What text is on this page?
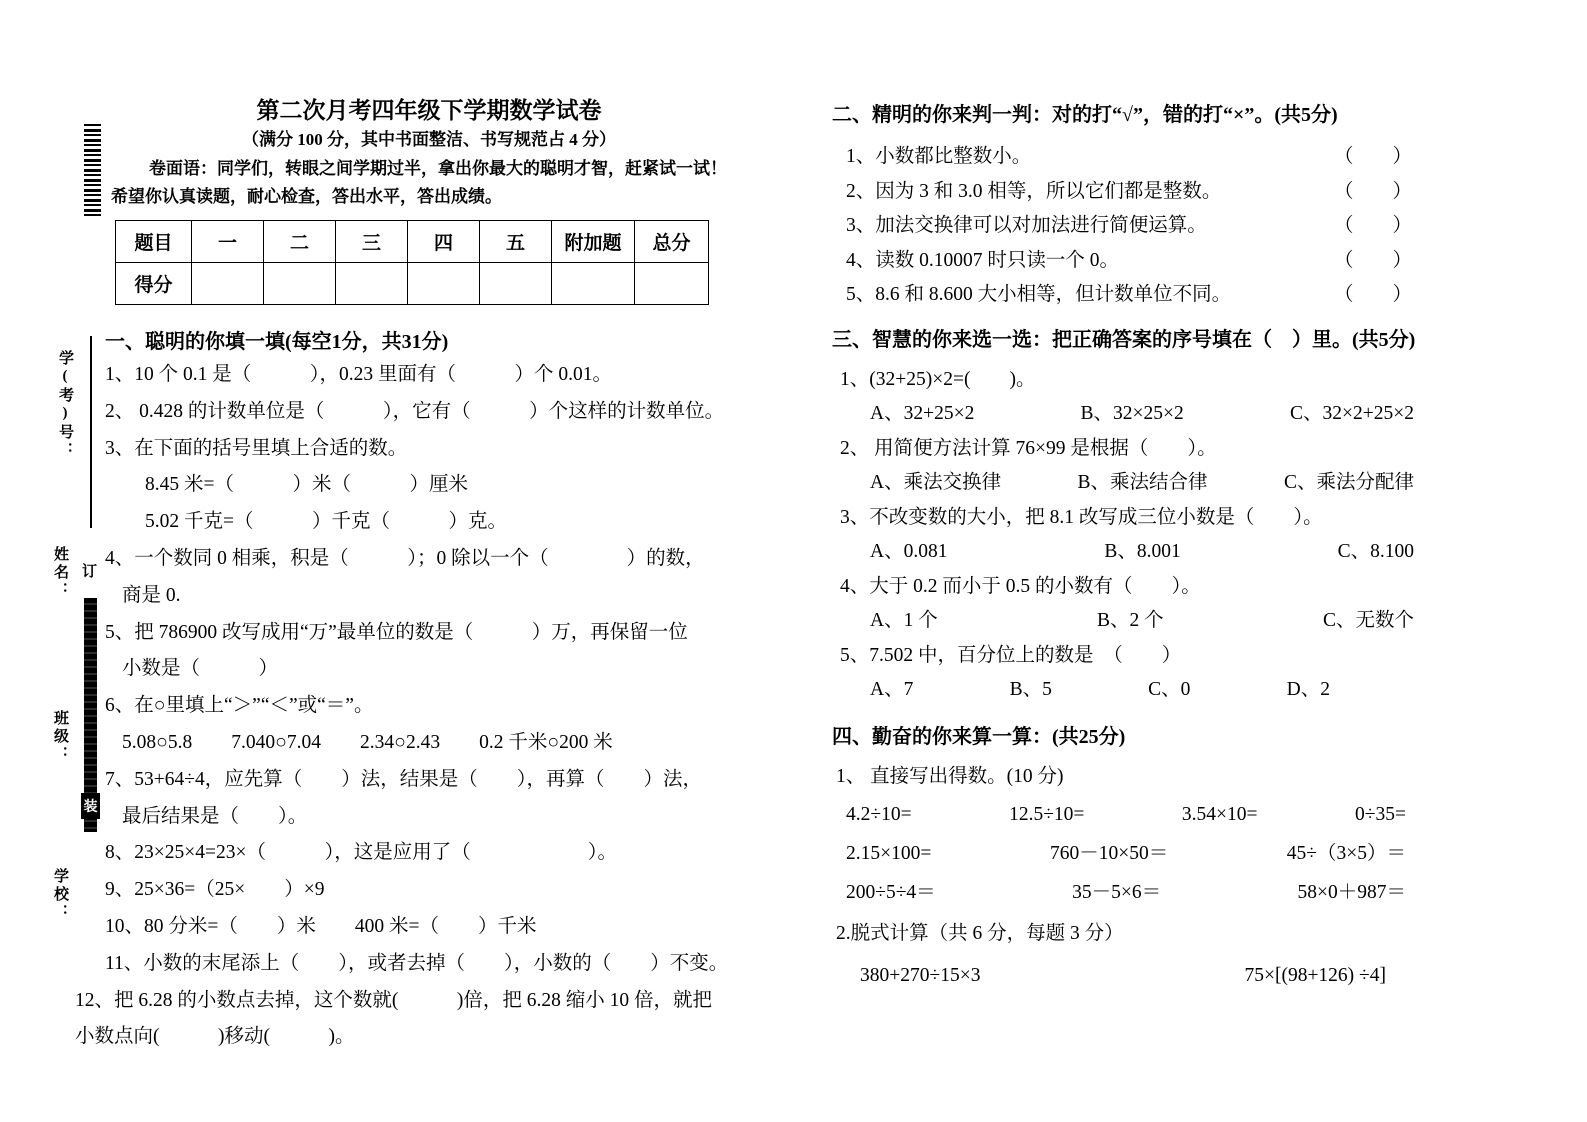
学(考)号：
姓名： 订
班级：
装
学校：
第二次月考四年级下学期数学试卷
（满分 100 分，其中书面整洁、书写规范占 4 分）
卷面语：同学们，转眼之间学期过半，拿出你最大的聪明才智，赶紧试一试！
希望你认真读题，耐心检查，答出水平，答出成绩。
题目	一	二	三	四	五	附加题	总分
得分							
一、聪明的你填一填(每空1分，共31分)
1、10 个 0.1 是（　　　），0.23 里面有（　　　）个 0.01。
2、 0.428 的计数单位是（　　　），它有（　　　）个这样的计数单位。
3、在下面的括号里填上合适的数。
8.45 米=（　　　）米（　　　）厘米
5.02 千克=（　　　）千克（　　　）克。
4、一个数同 0 相乘，积是（　　　）；0 除以一个（　　　　）的数，
商是 0.
5、把 786900 改写成用“万”最单位的数是（　　　）万，再保留一位
小数是（　　　）
6、在○里填上“＞”“＜”或“＝”。
5.08○5.8　　7.040○7.04　　2.34○2.43　　0.2 千米○200 米
7、53+64÷4，应先算（　　）法，结果是（　　），再算（　　）法，
最后结果是（　　）。
8、23×25×4=23×（　　　），这是应用了（　　　　　　）。
9、25×36=（25×　　）×9
10、80 分米=（　　）米　　400 米=（　　）千米
11、小数的末尾添上（　　），或者去掉（　　），小数的（　　）不变。
12、把 6.28 的小数点去掉，这个数就(　　　)倍，把 6.28 缩小 10 倍，就把
小数点向(　　　)移动(　　　)。
二、精明的你来判一判：对的打“√”，错的打“×”。(共5分)
1、小数都比整数小。	（　　）
2、因为 3 和 3.0 相等，所以它们都是整数。	（　　）
3、加法交换律可以对加法进行简便运算。	（　　）
4、读数 0.10007 时只读一个 0。	（　　）
5、8.6 和 8.600 大小相等，但计数单位不同。	（　　）
三、智慧的你来选一选：把正确答案的序号填在（　）里。(共5分)
1、(32+25)×2=(　　)。
A、32+25×2	B、32×25×2	C、32×2+25×2
2、 用简便方法计算 76×99 是根据（　　）。
A、乘法交换律	B、乘法结合律	C、乘法分配律
3、不改变数的大小，把 8.1 改写成三位小数是（　　）。
A、0.081	B、8.001	C、8.100
4、大于 0.2 而小于 0.5 的小数有（　　）。
A、1 个	B、2 个	C、无数个
5、7.502 中，百分位上的数是　（　　）
A、7	B、5	C、0	D、2
四、勤奋的你来算一算：(共25分)
1、 直接写出得数。(10 分)
4.2÷10=	12.5÷10=	3.54×10=	0÷35=
2.15×100=	760－10×50＝	45÷（3×5）＝
200÷5÷4＝	35－5×6＝	58×0＋987＝
2.脱式计算（共 6 分，每题 3 分）
380+270÷15×3	75×[(98+126) ÷4]
